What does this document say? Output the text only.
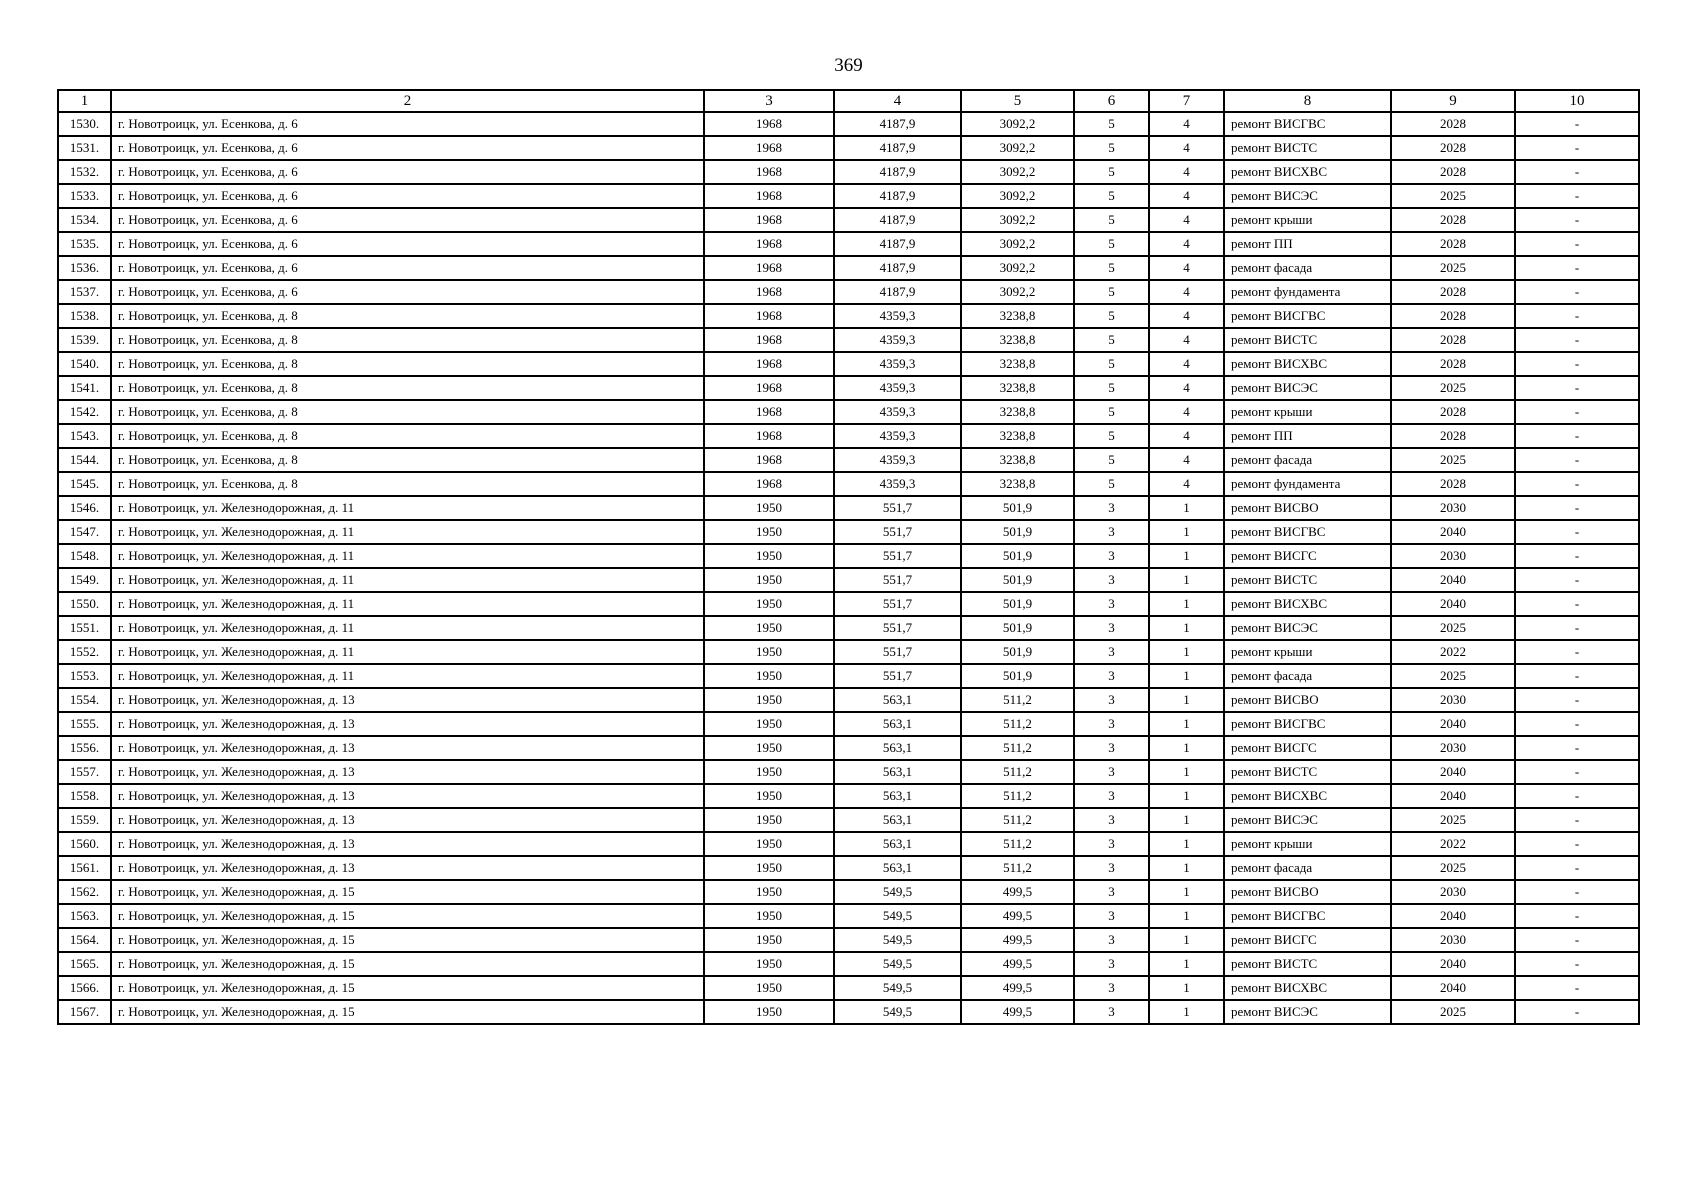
369
1	2	3	4	5	6	7	8	9	10
1530.	г. Новотроицк, ул. Есенкова, д. 6	1968	4187,9	3092,2	5	4	ремонт ВИСГВС	2028	-
1531.	г. Новотроицк, ул. Есенкова, д. 6	1968	4187,9	3092,2	5	4	ремонт ВИСТС	2028	-
1532.	г. Новотроицк, ул. Есенкова, д. 6	1968	4187,9	3092,2	5	4	ремонт ВИСХВС	2028	-
1533.	г. Новотроицк, ул. Есенкова, д. 6	1968	4187,9	3092,2	5	4	ремонт ВИСЭС	2025	-
1534.	г. Новотроицк, ул. Есенкова, д. 6	1968	4187,9	3092,2	5	4	ремонт крыши	2028	-
1535.	г. Новотроицк, ул. Есенкова, д. 6	1968	4187,9	3092,2	5	4	ремонт ПП	2028	-
1536.	г. Новотроицк, ул. Есенкова, д. 6	1968	4187,9	3092,2	5	4	ремонт фасада	2025	-
1537.	г. Новотроицк, ул. Есенкова, д. 6	1968	4187,9	3092,2	5	4	ремонт фундамента	2028	-
1538.	г. Новотроицк, ул. Есенкова, д. 8	1968	4359,3	3238,8	5	4	ремонт ВИСГВС	2028	-
1539.	г. Новотроицк, ул. Есенкова, д. 8	1968	4359,3	3238,8	5	4	ремонт ВИСТС	2028	-
1540.	г. Новотроицк, ул. Есенкова, д. 8	1968	4359,3	3238,8	5	4	ремонт ВИСХВС	2028	-
1541.	г. Новотроицк, ул. Есенкова, д. 8	1968	4359,3	3238,8	5	4	ремонт ВИСЭС	2025	-
1542.	г. Новотроицк, ул. Есенкова, д. 8	1968	4359,3	3238,8	5	4	ремонт крыши	2028	-
1543.	г. Новотроицк, ул. Есенкова, д. 8	1968	4359,3	3238,8	5	4	ремонт ПП	2028	-
1544.	г. Новотроицк, ул. Есенкова, д. 8	1968	4359,3	3238,8	5	4	ремонт фасада	2025	-
1545.	г. Новотроицк, ул. Есенкова, д. 8	1968	4359,3	3238,8	5	4	ремонт фундамента	2028	-
1546.	г. Новотроицк, ул. Железнодорожная, д. 11	1950	551,7	501,9	3	1	ремонт ВИСВО	2030	-
1547.	г. Новотроицк, ул. Железнодорожная, д. 11	1950	551,7	501,9	3	1	ремонт ВИСГВС	2040	-
1548.	г. Новотроицк, ул. Железнодорожная, д. 11	1950	551,7	501,9	3	1	ремонт ВИСГС	2030	-
1549.	г. Новотроицк, ул. Железнодорожная, д. 11	1950	551,7	501,9	3	1	ремонт ВИСТС	2040	-
1550.	г. Новотроицк, ул. Железнодорожная, д. 11	1950	551,7	501,9	3	1	ремонт ВИСХВС	2040	-
1551.	г. Новотроицк, ул. Железнодорожная, д. 11	1950	551,7	501,9	3	1	ремонт ВИСЭС	2025	-
1552.	г. Новотроицк, ул. Железнодорожная, д. 11	1950	551,7	501,9	3	1	ремонт крыши	2022	-
1553.	г. Новотроицк, ул. Железнодорожная, д. 11	1950	551,7	501,9	3	1	ремонт фасада	2025	-
1554.	г. Новотроицк, ул. Железнодорожная, д. 13	1950	563,1	511,2	3	1	ремонт ВИСВО	2030	-
1555.	г. Новотроицк, ул. Железнодорожная, д. 13	1950	563,1	511,2	3	1	ремонт ВИСГВС	2040	-
1556.	г. Новотроицк, ул. Железнодорожная, д. 13	1950	563,1	511,2	3	1	ремонт ВИСГС	2030	-
1557.	г. Новотроицк, ул. Железнодорожная, д. 13	1950	563,1	511,2	3	1	ремонт ВИСТС	2040	-
1558.	г. Новотроицк, ул. Железнодорожная, д. 13	1950	563,1	511,2	3	1	ремонт ВИСХВС	2040	-
1559.	г. Новотроицк, ул. Железнодорожная, д. 13	1950	563,1	511,2	3	1	ремонт ВИСЭС	2025	-
1560.	г. Новотроицк, ул. Железнодорожная, д. 13	1950	563,1	511,2	3	1	ремонт крыши	2022	-
1561.	г. Новотроицк, ул. Железнодорожная, д. 13	1950	563,1	511,2	3	1	ремонт фасада	2025	-
1562.	г. Новотроицк, ул. Железнодорожная, д. 15	1950	549,5	499,5	3	1	ремонт ВИСВО	2030	-
1563.	г. Новотроицк, ул. Железнодорожная, д. 15	1950	549,5	499,5	3	1	ремонт ВИСГВС	2040	-
1564.	г. Новотроицк, ул. Железнодорожная, д. 15	1950	549,5	499,5	3	1	ремонт ВИСГС	2030	-
1565.	г. Новотроицк, ул. Железнодорожная, д. 15	1950	549,5	499,5	3	1	ремонт ВИСТС	2040	-
1566.	г. Новотроицк, ул. Железнодорожная, д. 15	1950	549,5	499,5	3	1	ремонт ВИСХВС	2040	-
1567.	г. Новотроицк, ул. Железнодорожная, д. 15	1950	549,5	499,5	3	1	ремонт ВИСЭС	2025	-
